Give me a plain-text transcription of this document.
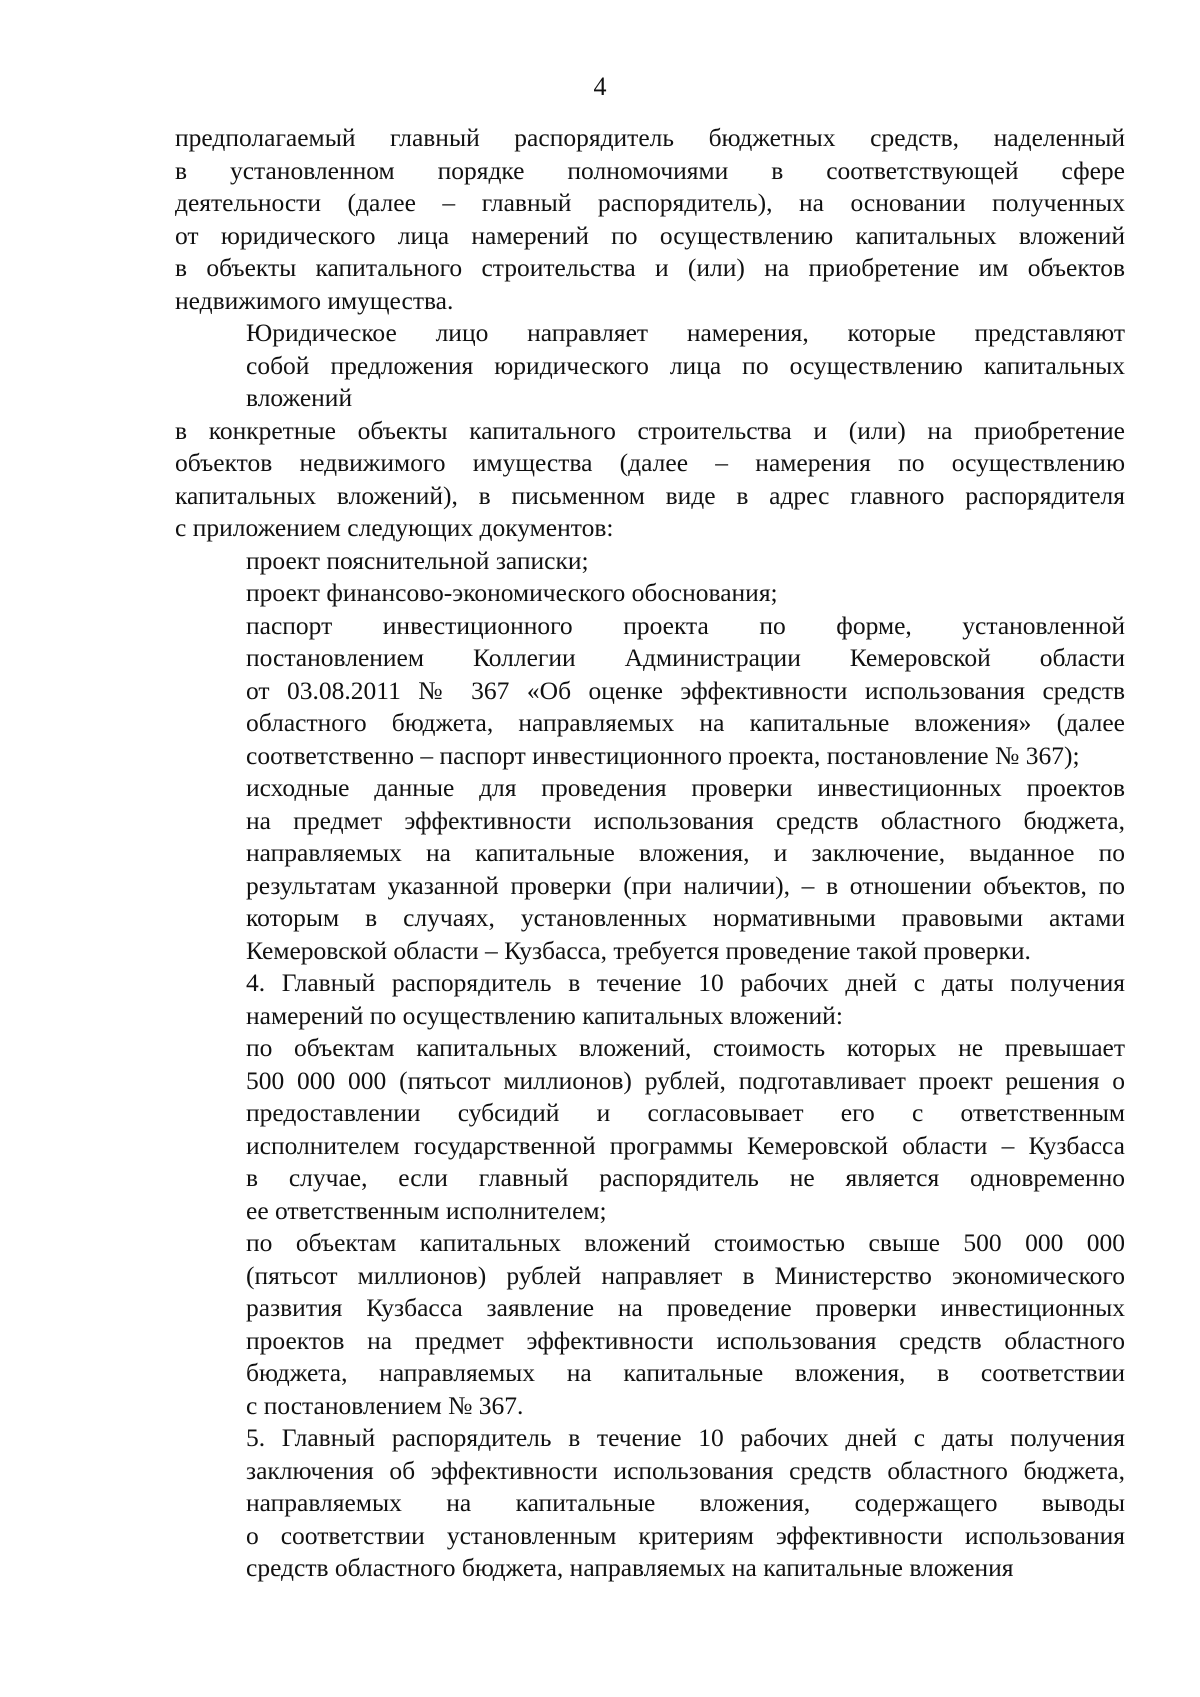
4
предполагаемый главный распорядитель бюджетных средств, наделенный
в установленном порядке полномочиями в соответствующей сфере
деятельности (далее – главный распорядитель), на основании полученных
от юридического лица намерений по осуществлению капитальных вложений
в объекты капитального строительства и (или) на приобретение им объектов
недвижимого имущества.
Юридическое лицо направляет намерения, которые представляют
собой предложения юридического лица по осуществлению капитальных
вложений
в конкретные объекты капитального строительства и (или) на приобретение
объектов недвижимого имущества (далее – намерения по осуществлению
капитальных вложений), в письменном виде в адрес главного распорядителя
с приложением следующих документов:
проект пояснительной записки;
проект финансово-экономического обоснования;
паспорт инвестиционного проекта по форме, установленной
постановлением Коллегии Администрации Кемеровской области
от 03.08.2011 № 367 «Об оценке эффективности использования средств
областного бюджета, направляемых на капитальные вложения» (далее
соответственно – паспорт инвестиционного проекта, постановление № 367);
исходные данные для проведения проверки инвестиционных проектов
на предмет эффективности использования средств областного бюджета,
направляемых на капитальные вложения, и заключение, выданное по
результатам указанной проверки (при наличии), – в отношении объектов, по
которым в случаях, установленных нормативными правовыми актами
Кемеровской области – Кузбасса, требуется проведение такой проверки.
4. Главный распорядитель в течение 10 рабочих дней с даты получения
намерений по осуществлению капитальных вложений:
по объектам капитальных вложений, стоимость которых не превышает
500 000 000 (пятьсот миллионов) рублей, подготавливает проект решения о
предоставлении субсидий и согласовывает его с ответственным
исполнителем государственной программы Кемеровской области – Кузбасса
в случае, если главный распорядитель не является одновременно
ее ответственным исполнителем;
по объектам капитальных вложений стоимостью свыше 500 000 000
(пятьсот миллионов) рублей направляет в Министерство экономического
развития Кузбасса заявление на проведение проверки инвестиционных
проектов на предмет эффективности использования средств областного
бюджета, направляемых на капитальные вложения, в соответствии
с постановлением № 367.
5. Главный распорядитель в течение 10 рабочих дней с даты получения
заключения об эффективности использования средств областного бюджета,
направляемых на капитальные вложения, содержащего выводы
о соответствии установленным критериям эффективности использования
средств областного бюджета, направляемых на капитальные вложения
